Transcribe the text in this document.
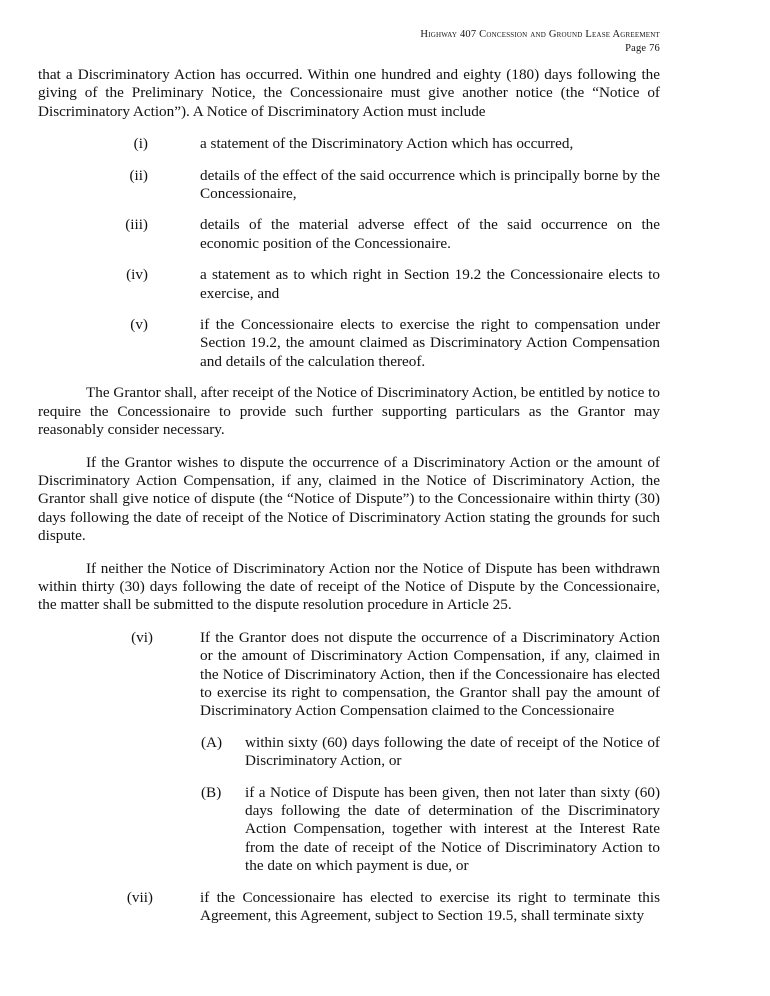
Highway 407 Concession and Ground Lease Agreement
Page 76

that a Discriminatory Action has occurred. Within one hundred and eighty (180) days following the giving of the Preliminary Notice, the Concessionaire must give another notice (the “Notice of Discriminatory Action”). A Notice of Discriminatory Action must include

(i)	a statement of the Discriminatory Action which has occurred,
(ii)	details of the effect of the said occurrence which is principally borne by the Concessionaire,
(iii)	details of the material adverse effect of the said occurrence on the economic position of the Concessionaire.
(iv)	a statement as to which right in Section 19.2 the Concessionaire elects to exercise, and
(v)	if the Concessionaire elects to exercise the right to compensation under Section 19.2, the amount claimed as Discriminatory Action Compensation and details of the calculation thereof.

The Grantor shall, after receipt of the Notice of Discriminatory Action, be entitled by notice to require the Concessionaire to provide such further supporting particulars as the Grantor may reasonably consider necessary.

If the Grantor wishes to dispute the occurrence of a Discriminatory Action or the amount of Discriminatory Action Compensation, if any, claimed in the Notice of Discriminatory Action, the Grantor shall give notice of dispute (the “Notice of Dispute”) to the Concessionaire within thirty (30) days following the date of receipt of the Notice of Discriminatory Action stating the grounds for such dispute.

If neither the Notice of Discriminatory Action nor the Notice of Dispute has been withdrawn within thirty (30) days following the date of receipt of the Notice of Dispute by the Concessionaire, the matter shall be submitted to the dispute resolution procedure in Article 25.

(vi)	If the Grantor does not dispute the occurrence of a Discriminatory Action or the amount of Discriminatory Action Compensation, if any, claimed in the Notice of Discriminatory Action, then if the Concessionaire has elected to exercise its right to compensation, the Grantor shall pay the amount of Discriminatory Action Compensation claimed to the Concessionaire
(A)	within sixty (60) days following the date of receipt of the Notice of Discriminatory Action, or
(B)	if a Notice of Dispute has been given, then not later than sixty (60) days following the date of determination of the Discriminatory Action Compensation, together with interest at the Interest Rate from the date of receipt of the Notice of Discriminatory Action to the date on which payment is due, or
(vii)	if the Concessionaire has elected to exercise its right to terminate this Agreement, this Agreement, subject to Section 19.5, shall terminate sixty
